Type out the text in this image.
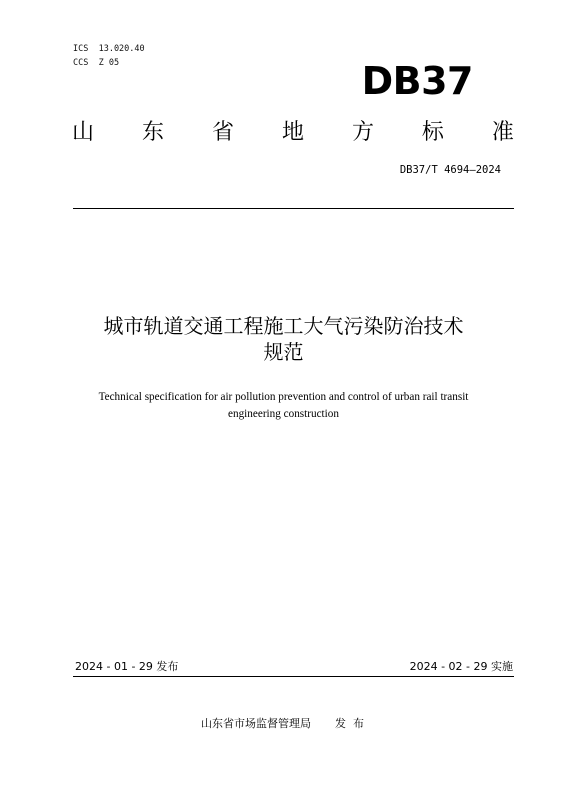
ICS  13.020.40
CCS  Z 05	DB37
山 东 省 地 方 标 准
DB37/T 4694—2024
城市轨道交通工程施工大气污染防治技术
规范
Technical specification for air pollution prevention and control of urban rail transit
engineering construction
2024 - 01 - 29 发布	2024 - 02 - 29 实施
山东省市场监督管理局 发  布
